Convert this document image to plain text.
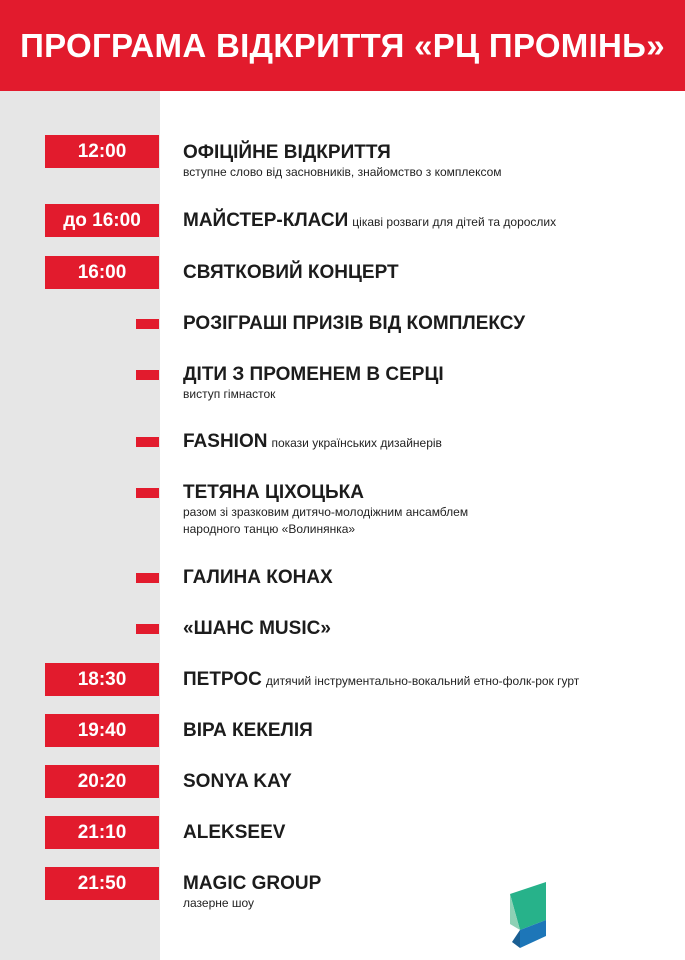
ПРОГРАМА ВІДКРИТТЯ «РЦ ПРОМІНЬ»
12:00	ОФІЦІЙНЕ ВІДКРИТТЯ
вступне слово від засновників, знайомство з комплексом
до 16:00	МАЙСТЕР-КЛАСИ цікаві розваги для дітей та дорослих
16:00	СВЯТКОВИЙ КОНЦЕРТ
РОЗІГРАШІ ПРИЗІВ ВІД КОМПЛЕКСУ
ДІТИ З ПРОМЕНЕМ В СЕРЦІ
виступ гімнасток
FASHION покази українських дизайнерів
ТЕТЯНА ЦІХОЦЬКА
разом зі зразковим дитячо-молодіжним ансамблем
народного танцю «Волинянка»
ГАЛИНА КОНАХ
«ШАНС MUSIC»
18:30	ПЕТРОС дитячий інструментально-вокальний етно-фолк-рок гурт
19:40	ВІРА КЕКЕЛІЯ
20:20	SONYA KAY
21:10	ALEKSEEV
21:50	MAGIC GROUP
лазерне шоу
